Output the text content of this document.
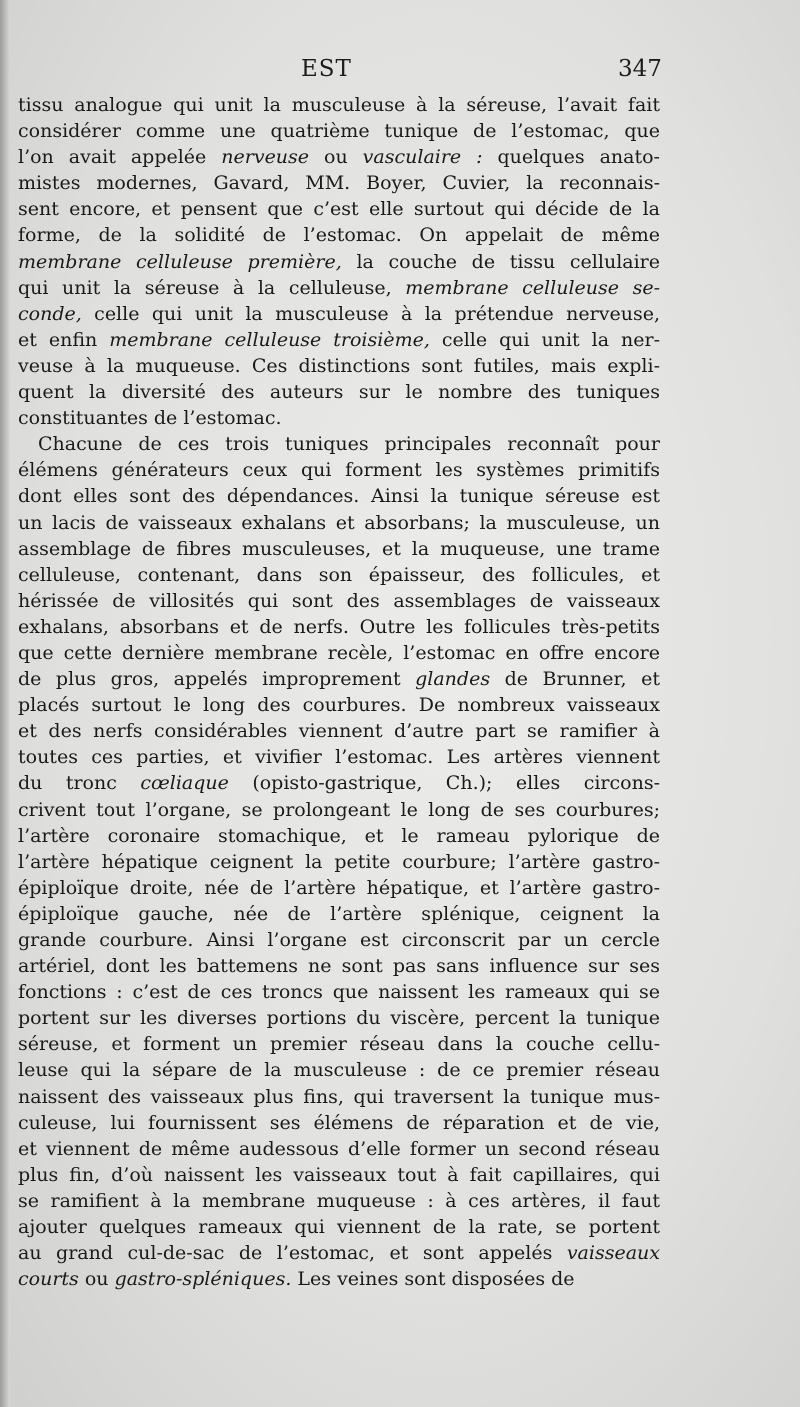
EST	347
tissu analogue qui unit la musculeuse à la séreuse, l’avait fait
considérer comme une quatrième tunique de l’estomac, que
l’on avait appelée nerveuse ou vasculaire : quelques anato-
mistes modernes, Gavard, MM. Boyer, Cuvier, la reconnais-
sent encore, et pensent que c’est elle surtout qui décide de la
forme, de la solidité de l’estomac. On appelait de même
membrane celluleuse première, la couche de tissu cellulaire
qui unit la séreuse à la celluleuse, membrane celluleuse se-
conde, celle qui unit la musculeuse à la prétendue nerveuse,
et enfin membrane celluleuse troisième, celle qui unit la ner-
veuse à la muqueuse. Ces distinctions sont futiles, mais expli-
quent la diversité des auteurs sur le nombre des tuniques
constituantes de l’estomac.
Chacune de ces trois tuniques principales reconnaît pour
élémens générateurs ceux qui forment les systèmes primitifs
dont elles sont des dépendances. Ainsi la tunique séreuse est
un lacis de vaisseaux exhalans et absorbans; la musculeuse, un
assemblage de fibres musculeuses, et la muqueuse, une trame
celluleuse, contenant, dans son épaisseur, des follicules, et
hérissée de villosités qui sont des assemblages de vaisseaux
exhalans, absorbans et de nerfs. Outre les follicules très-petits
que cette dernière membrane recèle, l’estomac en offre encore
de plus gros, appelés improprement glandes de Brunner, et
placés surtout le long des courbures. De nombreux vaisseaux
et des nerfs considérables viennent d’autre part se ramifier à
toutes ces parties, et vivifier l’estomac. Les artères viennent
du tronc cœliaque (opisto-gastrique, Ch.); elles circons-
crivent tout l’organe, se prolongeant le long de ses courbures;
l’artère coronaire stomachique, et le rameau pylorique de
l’artère hépatique ceignent la petite courbure; l’artère gastro-
épiploïque droite, née de l’artère hépatique, et l’artère gastro-
épiploïque gauche, née de l’artère splénique, ceignent la
grande courbure. Ainsi l’organe est circonscrit par un cercle
artériel, dont les battemens ne sont pas sans influence sur ses
fonctions : c’est de ces troncs que naissent les rameaux qui se
portent sur les diverses portions du viscère, percent la tunique
séreuse, et forment un premier réseau dans la couche cellu-
leuse qui la sépare de la musculeuse : de ce premier réseau
naissent des vaisseaux plus fins, qui traversent la tunique mus-
culeuse, lui fournissent ses élémens de réparation et de vie,
et viennent de même audessous d’elle former un second réseau
plus fin, d’où naissent les vaisseaux tout à fait capillaires, qui
se ramifient à la membrane muqueuse : à ces artères, il faut
ajouter quelques rameaux qui viennent de la rate, se portent
au grand cul-de-sac de l’estomac, et sont appelés vaisseaux
courts ou gastro-spléniques. Les veines sont disposées de
